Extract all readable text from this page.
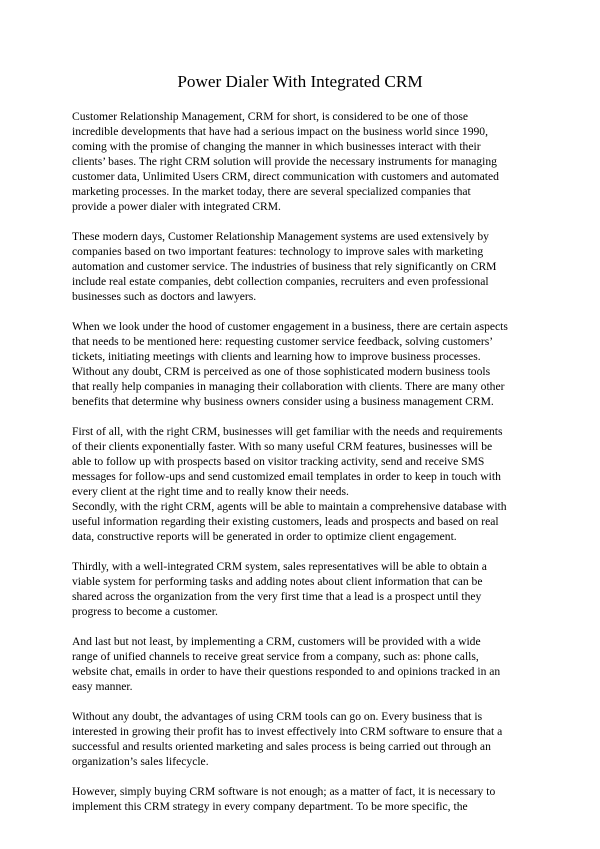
Power Dialer With Integrated CRM

Customer Relationship Management, CRM for short, is considered to be one of those
incredible developments that have had a serious impact on the business world since 1990,
coming with the promise of changing the manner in which businesses interact with their
clients’ bases. The right CRM solution will provide the necessary instruments for managing
customer data, Unlimited Users CRM, direct communication with customers and automated
marketing processes. In the market today, there are several specialized companies that
provide a power dialer with integrated CRM.

These modern days, Customer Relationship Management systems are used extensively by
companies based on two important features: technology to improve sales with marketing
automation and customer service. The industries of business that rely significantly on CRM
include real estate companies, debt collection companies, recruiters and even professional
businesses such as doctors and lawyers.

When we look under the hood of customer engagement in a business, there are certain aspects
that needs to be mentioned here: requesting customer service feedback, solving customers’
tickets, initiating meetings with clients and learning how to improve business processes.
Without any doubt, CRM is perceived as one of those sophisticated modern business tools
that really help companies in managing their collaboration with clients. There are many other
benefits that determine why business owners consider using a business management CRM.

First of all, with the right CRM, businesses will get familiar with the needs and requirements
of their clients exponentially faster. With so many useful CRM features, businesses will be
able to follow up with prospects based on visitor tracking activity, send and receive SMS
messages for follow-ups and send customized email templates in order to keep in touch with
every client at the right time and to really know their needs.

Secondly, with the right CRM, agents will be able to maintain a comprehensive database with
useful information regarding their existing customers, leads and prospects and based on real
data, constructive reports will be generated in order to optimize client engagement.

Thirdly, with a well-integrated CRM system, sales representatives will be able to obtain a
viable system for performing tasks and adding notes about client information that can be
shared across the organization from the very first time that a lead is a prospect until they
progress to become a customer.

And last but not least, by implementing a CRM, customers will be provided with a wide
range of unified channels to receive great service from a company, such as: phone calls,
website chat, emails in order to have their questions responded to and opinions tracked in an
easy manner.

Without any doubt, the advantages of using CRM tools can go on. Every business that is
interested in growing their profit has to invest effectively into CRM software to ensure that a
successful and results oriented marketing and sales process is being carried out through an
organization’s sales lifecycle.

However, simply buying CRM software is not enough; as a matter of fact, it is necessary to
implement this CRM strategy in every company department. To be more specific, the
